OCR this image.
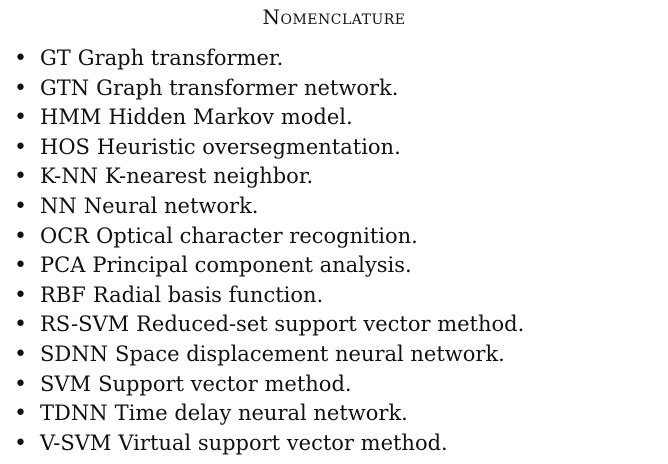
Nomenclature
• GT Graph transformer.
• GTN Graph transformer network.
• HMM Hidden Markov model.
• HOS Heuristic oversegmentation.
• K-NN K-nearest neighbor.
• NN Neural network.
• OCR Optical character recognition.
• PCA Principal component analysis.
• RBF Radial basis function.
• RS-SVM Reduced-set support vector method.
• SDNN Space displacement neural network.
• SVM Support vector method.
• TDNN Time delay neural network.
• V-SVM Virtual support vector method.
